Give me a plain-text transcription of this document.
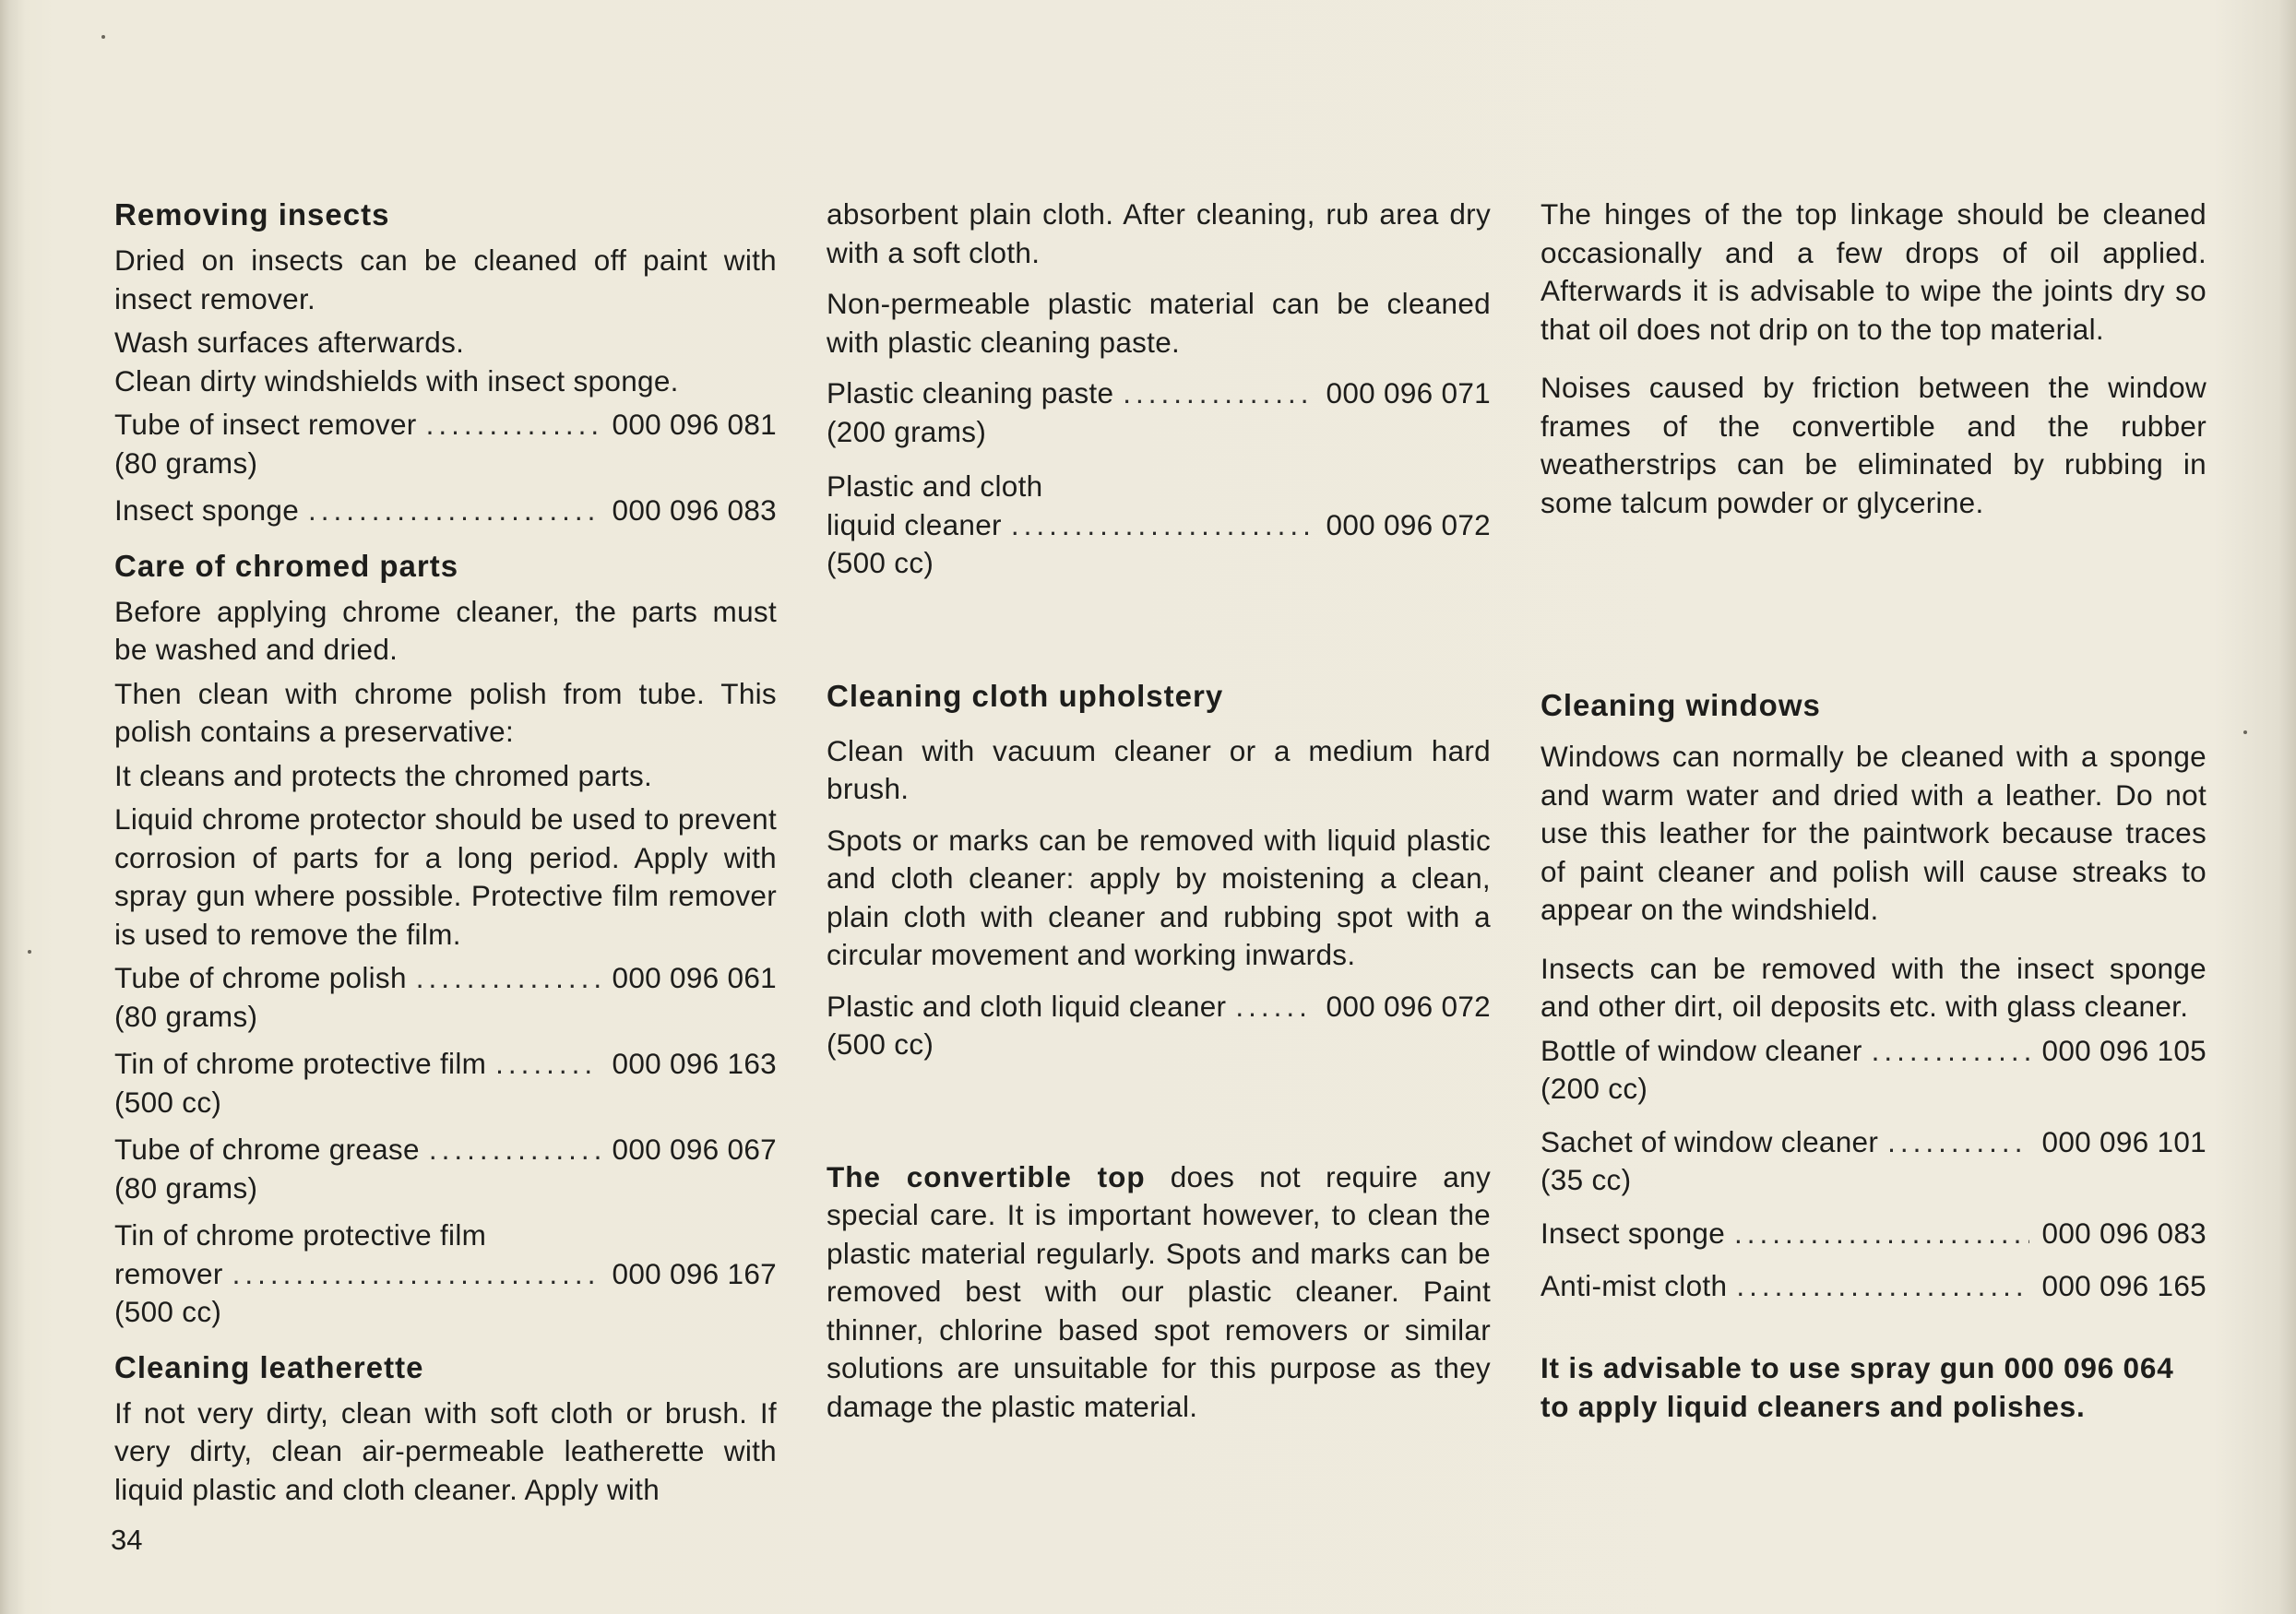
Removing insects
Dried on insects can be cleaned off paint with insect remover.
Wash surfaces afterwards.
Clean dirty windshields with insect sponge.
Tube of insect remover .....	000 096 081
(80 grams)
Insect sponge .....	000 096 083
Care of chromed parts
Before applying chrome cleaner, the parts must be washed and dried.
Then clean with chrome polish from tube. This polish contains a preservative:
It cleans and protects the chromed parts.
Liquid chrome protector should be used to prevent corrosion of parts for a long period. Apply with spray gun where possible. Protective film remover is used to remove the film.
Tube of chrome polish .....	000 096 061
(80 grams)
Tin of chrome protective film .....	000 096 163
(500 cc)
Tube of chrome grease .....	000 096 067
(80 grams)
Tin of chrome protective film
remover .....	000 096 167
(500 cc)
Cleaning leatherette
If not very dirty, clean with soft cloth or brush. If very dirty, clean air-permeable leatherette with liquid plastic and cloth cleaner. Apply with
absorbent plain cloth. After cleaning, rub area dry with a soft cloth.
Non-permeable plastic material can be cleaned with plastic cleaning paste.
Plastic cleaning paste .....	000 096 071
(200 grams)
Plastic and cloth
liquid cleaner .....	000 096 072
(500 cc)
Cleaning cloth upholstery
Clean with vacuum cleaner or a medium hard brush.
Spots or marks can be removed with liquid plastic and cloth cleaner: apply by moistening a clean, plain cloth with cleaner and rubbing spot with a circular movement and working inwards.
Plastic and cloth liquid cleaner .....	000 096 072
(500 cc)
The convertible top does not require any special care. It is important however, to clean the plastic material regularly. Spots and marks can be removed best with our plastic cleaner. Paint thinner, chlorine based spot removers or similar solutions are unsuitable for this purpose as they damage the plastic material.
The hinges of the top linkage should be cleaned occasionally and a few drops of oil applied. Afterwards it is advisable to wipe the joints dry so that oil does not drip on to the top material.
Noises caused by friction between the window frames of the convertible and the rubber weatherstrips can be eliminated by rubbing in some talcum powder or glycerine.
Cleaning windows
Windows can normally be cleaned with a sponge and warm water and dried with a leather. Do not use this leather for the paintwork because traces of paint cleaner and polish will cause streaks to appear on the windshield.
Insects can be removed with the insect sponge and other dirt, oil deposits etc. with glass cleaner.
Bottle of window cleaner .....	000 096 105
(200 cc)
Sachet of window cleaner .....	000 096 101
(35 cc)
Insect sponge .....	000 096 083
Anti-mist cloth .....	000 096 165
It is advisable to use spray gun 000 096 064 to apply liquid cleaners and polishes.
34
